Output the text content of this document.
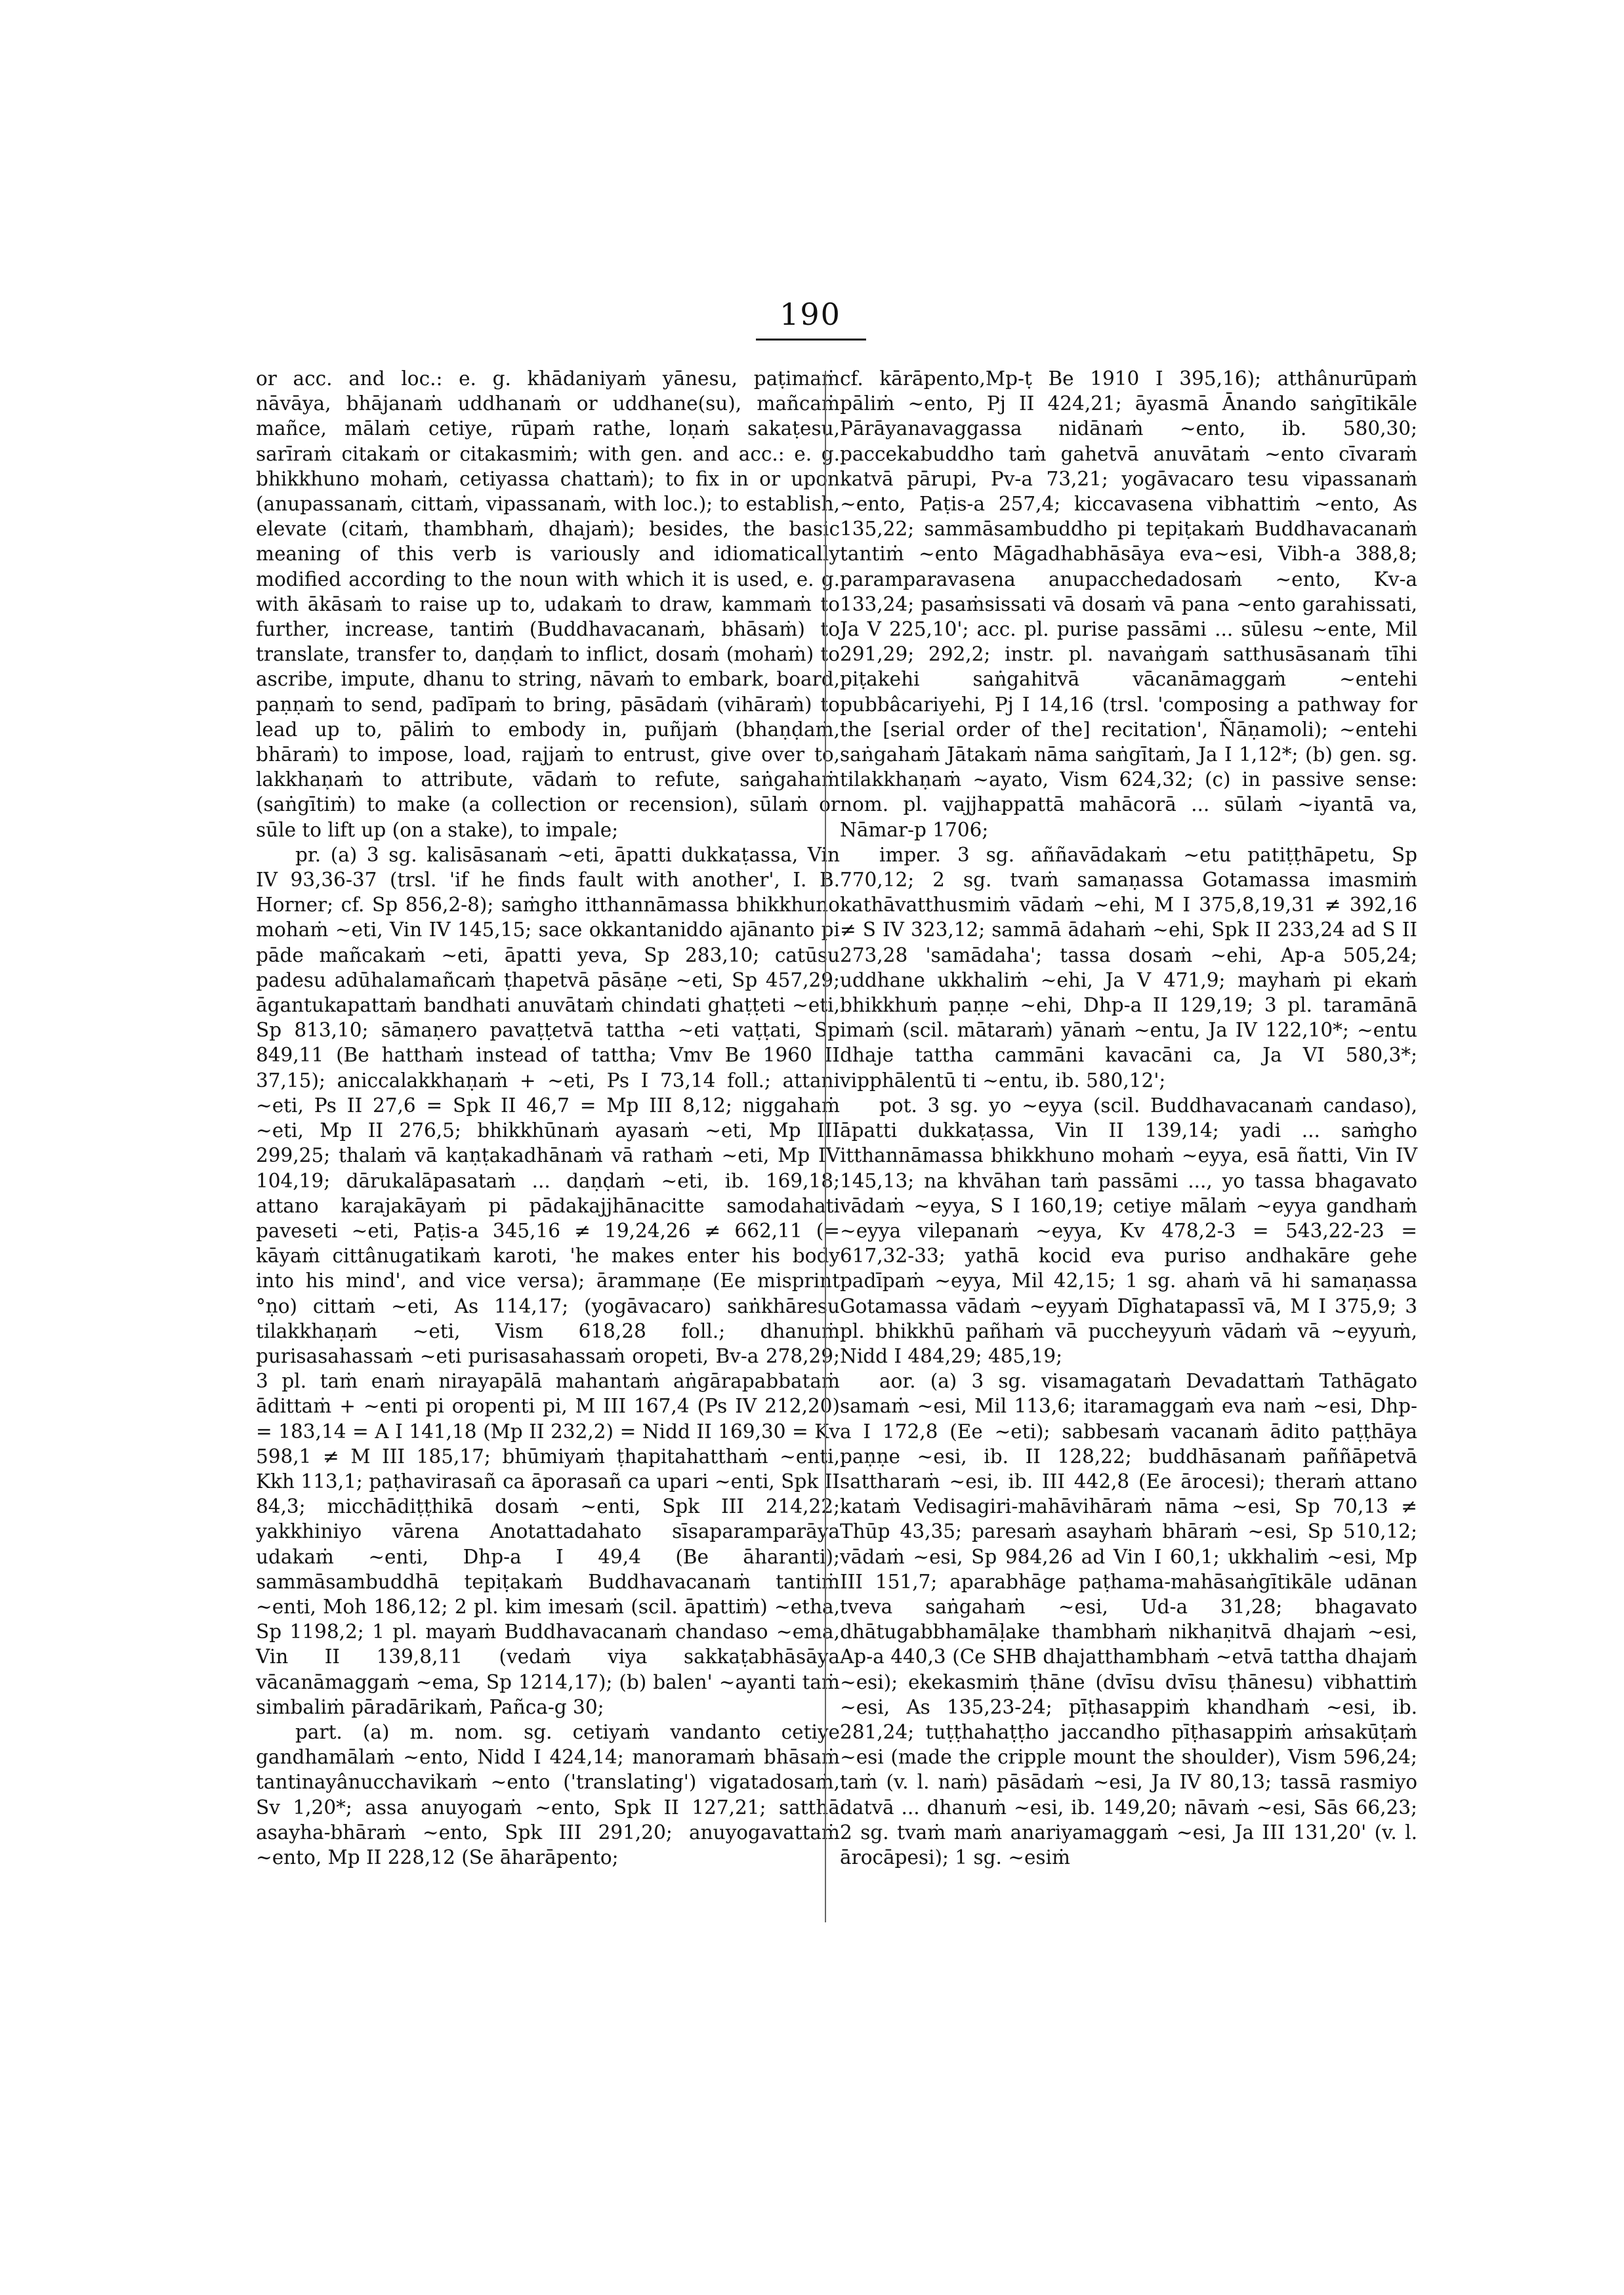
190

or acc. and loc.: e. g. khādaniyaṁ yānesu, paṭimaṁ nāvāya, bhājanaṁ uddhanaṁ or uddhane(su), mañcaṁ mañce, mālaṁ cetiye, rūpaṁ rathe, loṇaṁ sakaṭesu, sarīraṁ citakaṁ or citakasmiṁ; with gen. and acc.: e. g. bhikkhuno mohaṁ, cetiyassa chattaṁ); to fix in or upon (anupassanaṁ, cittaṁ, vipassanaṁ, with loc.); to establish, elevate (citaṁ, thambhaṁ, dhajaṁ); besides, the basic meaning of this verb is variously and idiomatically modified according to the noun with which it is used, e. g. with ākāsaṁ to raise up to, udakaṁ to draw, kammaṁ to further, increase, tantiṁ (Buddhavacanaṁ, bhāsaṁ) to translate, transfer to, daṇḍaṁ to inflict, dosaṁ (mohaṁ) to ascribe, impute, dhanu to string, nāvaṁ to embark, board, paṇṇaṁ to send, padīpaṁ to bring, pāsādaṁ (vihāraṁ) to lead up to, pāliṁ to embody in, puñjaṁ (bhaṇḍaṁ, bhāraṁ) to impose, load, rajjaṁ to entrust, give over to, lakkhaṇaṁ to attribute, vādaṁ to refute, saṅgahaṁ (saṅgītiṁ) to make (a collection or recension), sūlaṁ or sūle to lift up (on a stake), to impale;

pr. (a) 3 sg. kalisāsanaṁ ~eti, āpatti dukkaṭassa, Vin IV 93,36-37 (trsl. 'if he finds fault with another', I. B. Horner; cf. Sp 856,2-8); saṁgho itthannāmassa bhikkhuno mohaṁ ~eti, Vin IV 145,15; sace okkantaniddo ajānanto pi pāde mañcakaṁ ~eti, āpatti yeva, Sp 283,10; catūsu padesu adūhalamañcaṁ ṭhapetvā pāsāṇe ~eti, Sp 457,29; āgantukapattaṁ bandhati anuvātaṁ chindati ghaṭṭeti ~eti, Sp 813,10; sāmaṇero pavaṭṭetvā tattha ~eti vaṭṭati, Sp 849,11 (Be hatthaṁ instead of tattha; Vmv Be 1960 II 37,15); aniccalakkhaṇaṁ + ~eti, Ps I 73,14 foll.; attani ~eti, Ps II 27,6 = Spk II 46,7 = Mp III 8,12; niggahaṁ ~eti, Mp II 276,5; bhikkhūnaṁ ayasaṁ ~eti, Mp III 299,25; thalaṁ vā kaṇṭakadhānaṁ vā rathaṁ ~eti, Mp IV 104,19; dārukalāpasataṁ ... daṇḍaṁ ~eti, ib. 169,18; attano karajakāyaṁ pi pādakajjhānacitte samodahati paveseti ~eti, Paṭis-a 345,16 ≠ 19,24,26 ≠ 662,11 (= kāyaṁ cittânugatikaṁ karoti, 'he makes enter his body into his mind', and vice versa); ārammaṇe (Ee misprint °ṇo) cittaṁ ~eti, As 114,17; (yogāvacaro) saṅkhāresu tilakkhaṇaṁ ~eti, Vism 618,28 foll.; dhanuṁ purisasahassaṁ ~eti purisasahassaṁ oropeti, Bv-a 278,29; 3 pl. taṁ enaṁ nirayapālā mahantaṁ aṅgārapabbataṁ ādittaṁ + ~enti pi oropenti pi, M III 167,4 (Ps IV 212,20) = 183,14 = A I 141,18 (Mp II 232,2) = Nidd II 169,30 = Kv 598,1 ≠ M III 185,17; bhūmiyaṁ ṭhapitahatthaṁ ~enti, Kkh 113,1; paṭhavirasañ ca āporasañ ca upari ~enti, Spk II 84,3; micchādiṭṭhikā dosaṁ ~enti, Spk III 214,22; yakkhiniyo vārena Anotattadahato sīsaparamparāya udakaṁ ~enti, Dhp-a I 49,4 (Be āharanti); sammāsambuddhā tepiṭakaṁ Buddhavacanaṁ tantiṁ ~enti, Moh 186,12; 2 pl. kim imesaṁ (scil. āpattiṁ) ~etha, Sp 1198,2; 1 pl. mayaṁ Buddhavacanaṁ chandaso ~ema, Vin II 139,8,11 (vedaṁ viya sakkaṭabhāsāya vācanāmaggaṁ ~ema, Sp 1214,17); (b) balen' ~ayanti taṁ simbaliṁ pāradārikaṁ, Pañca-g 30;

part. (a) m. nom. sg. cetiyaṁ vandanto cetiye gandhamālaṁ ~ento, Nidd I 424,14; manoramaṁ bhāsaṁ tantinayânucchavikaṁ ~ento ('translating') vigatadosaṁ, Sv 1,20*; assa anuyogaṁ ~ento, Spk II 127,21; satthā asayha-bhāraṁ ~ento, Spk III 291,20; anuyogavattaṁ ~ento, Mp II 228,12 (Se āharāpento;

cf. kārāpento,Mp-ṭ Be 1910 I 395,16); atthânurūpaṁ pāliṁ ~ento, Pj II 424,21; āyasmā Ānando saṅgītikāle Pārāyanavaggassa nidānaṁ ~ento, ib. 580,30; paccekabuddho taṁ gahetvā anuvātaṁ ~ento cīvaraṁ katvā pārupi, Pv-a 73,21; yogāvacaro tesu vipassanaṁ ~ento, Paṭis-a 257,4; kiccavasena vibhattiṁ ~ento, As 135,22; sammāsambuddho pi tepiṭakaṁ Buddhavacanaṁ tantiṁ ~ento Māgadhabhāsāya eva~esi, Vibh-a 388,8; paramparavasena anupacchedadosaṁ ~ento, Kv-a 133,24; pasaṁsissati vā dosaṁ vā pana ~ento garahissati, Ja V 225,10'; acc. pl. purise passāmi ... sūlesu ~ente, Mil 291,29; 292,2; instr. pl. navaṅgaṁ satthusāsanaṁ tīhi piṭakehi saṅgahitvā vācanāmaggaṁ ~entehi pubbâcariyehi, Pj I 14,16 (trsl. 'composing a pathway for the [serial order of the] recitation', Ñāṇamoli); ~entehi saṅgahaṁ Jātakaṁ nāma saṅgītaṁ, Ja I 1,12*; (b) gen. sg. tilakkhaṇaṁ ~ayato, Vism 624,32; (c) in passive sense: nom. pl. vajjhappattā mahācorā ... sūlaṁ ~iyantā va, Nāmar-p 1706;

imper. 3 sg. aññavādakaṁ ~etu patiṭṭhāpetu, Sp 770,12; 2 sg. tvaṁ samaṇassa Gotamassa imasmiṁ kathāvatthusmiṁ vādaṁ ~ehi, M I 375,8,19,31 ≠ 392,16 ≠ S IV 323,12; sammā ādahaṁ ~ehi, Spk II 233,24 ad S II 273,28 'samādaha'; tassa dosaṁ ~ehi, Ap-a 505,24; uddhane ukkhaliṁ ~ehi, Ja V 471,9; mayhaṁ pi ekaṁ bhikkhuṁ paṇṇe ~ehi, Dhp-a II 129,19; 3 pl. taramānā imaṁ (scil. mātaraṁ) yānaṁ ~entu, Ja IV 122,10*; ~entu dhaje tattha cammāni kavacāni ca, Ja VI 580,3*; vipphālentū ti ~entu, ib. 580,12';

pot. 3 sg. yo ~eyya (scil. Buddhavacanaṁ candaso), āpatti dukkaṭassa, Vin II 139,14; yadi ... saṁgho itthannāmassa bhikkhuno mohaṁ ~eyya, esā ñatti, Vin IV 145,13; na khvāhan taṁ passāmi ..., yo tassa bhagavato vādaṁ ~eyya, S I 160,19; cetiye mālaṁ ~eyya gandhaṁ ~eyya vilepanaṁ ~eyya, Kv 478,2-3 = 543,22-23 = 617,32-33; yathā kocid eva puriso andhakāre gehe padīpaṁ ~eyya, Mil 42,15; 1 sg. ahaṁ vā hi samaṇassa Gotamassa vādaṁ ~eyyaṁ Dīghatapassī vā, M I 375,9; 3 pl. bhikkhū pañhaṁ vā puccheyyuṁ vādaṁ vā ~eyyuṁ, Nidd I 484,29; 485,19;

aor. (a) 3 sg. visamagataṁ Devadattaṁ Tathāgato samaṁ ~esi, Mil 113,6; itaramaggaṁ eva naṁ ~esi, Dhp-a I 172,8 (Ee ~eti); sabbesaṁ vacanaṁ ādito paṭṭhāya paṇṇe ~esi, ib. II 128,22; buddhāsanaṁ paññāpetvā sattharaṁ ~esi, ib. III 442,8 (Ee ārocesi); theraṁ attano kataṁ Vedisagiri-mahāvihāraṁ nāma ~esi, Sp 70,13 ≠ Thūp 43,35; paresaṁ asayhaṁ bhāraṁ ~esi, Sp 510,12; vādaṁ ~esi, Sp 984,26 ad Vin I 60,1; ukkhaliṁ ~esi, Mp III 151,7; aparabhāge paṭhama-mahāsaṅgītikāle udānan tveva saṅgahaṁ ~esi, Ud-a 31,28; bhagavato dhātugabbhamāḷake thambhaṁ nikhaṇitvā dhajaṁ ~esi, Ap-a 440,3 (Ce SHB dhajatthambhaṁ ~etvā tattha dhajaṁ ~esi); ekekasmiṁ ṭhāne (dvīsu dvīsu ṭhānesu) vibhattiṁ ~esi, As 135,23-24; pīṭhasappiṁ khandhaṁ ~esi, ib. 281,24; tuṭṭhahaṭṭho jaccandho pīṭhasappiṁ aṁsakūṭaṁ ~esi (made the cripple mount the shoulder), Vism 596,24; taṁ (v. l. naṁ) pāsādaṁ ~esi, Ja IV 80,13; tassā rasmiyo datvā ... dhanuṁ ~esi, ib. 149,20; nāvaṁ ~esi, Sās 66,23; 2 sg. tvaṁ maṁ anariyamaggaṁ ~esi, Ja III 131,20' (v. l. ārocāpesi); 1 sg. ~esiṁ
